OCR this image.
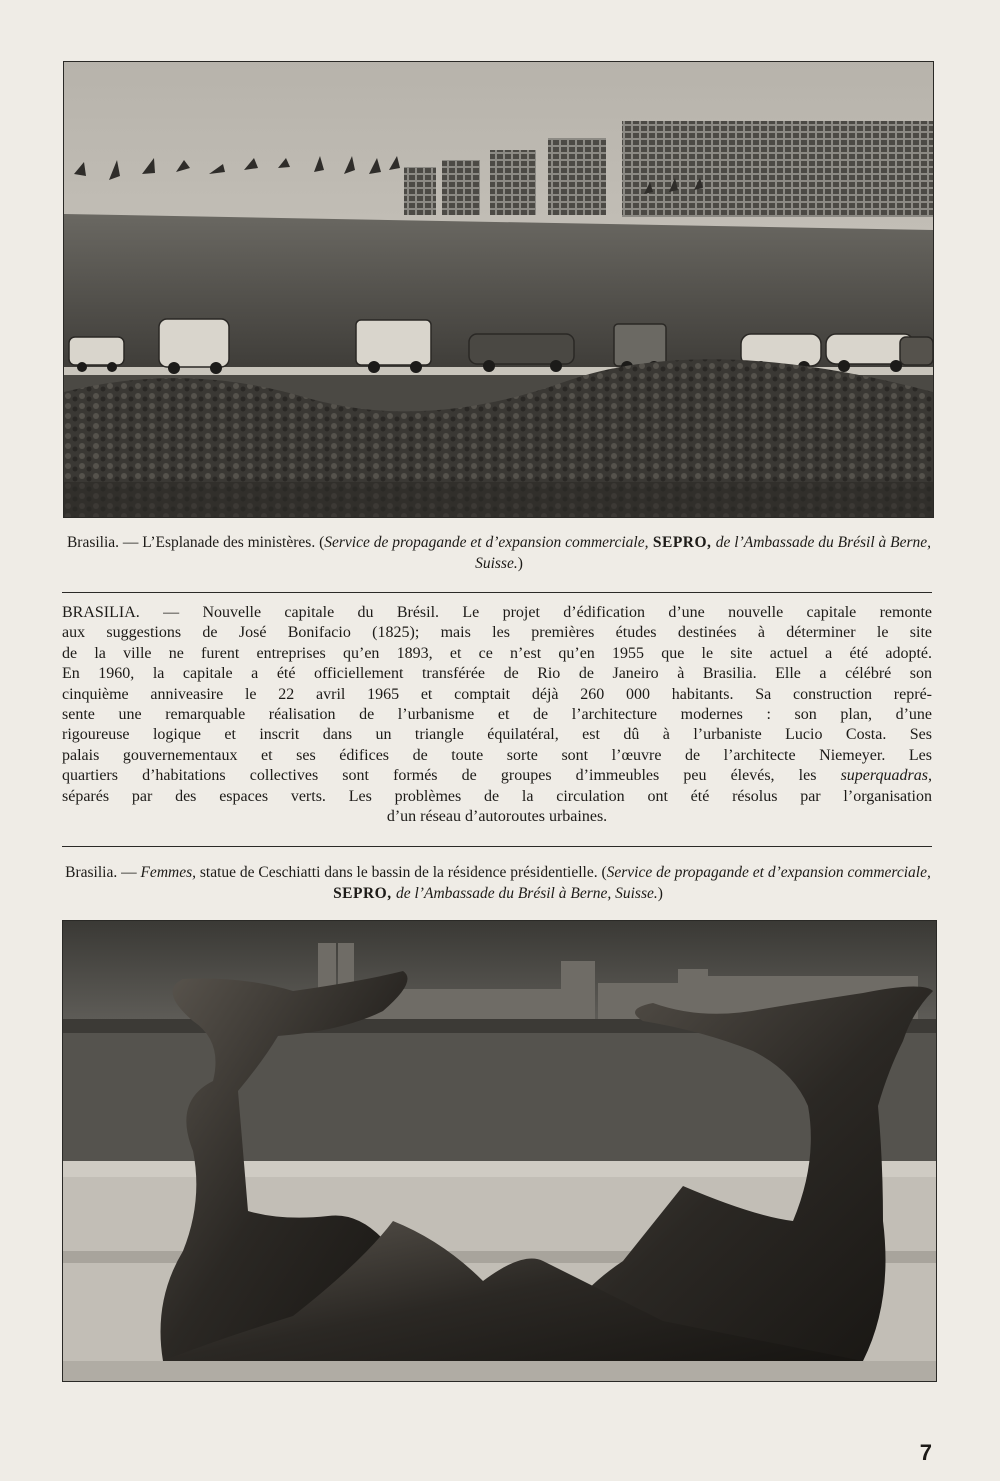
Brasilia. — L’Esplanade des ministères. (Service de propagande et d’expansion commerciale, SEPRO, de l’Ambassade du Brésil à Berne, Suisse.)
BRASILIA. — Nouvelle capitale du Brésil. Le projet d’édification d’une nouvelle capitale remonte
aux suggestions de José Bonifacio (1825); mais les premières études destinées à déterminer le site
de la ville ne furent entreprises qu’en 1893, et ce n’est qu’en 1955 que le site actuel a été adopté.
En 1960, la capitale a été officiellement transférée de Rio de Janeiro à Brasilia. Elle a célébré son
cinquième anniveasire le 22 avril 1965 et comptait déjà 260 000 habitants. Sa construction repré-
sente une remarquable réalisation de l’urbanisme et de l’architecture modernes : son plan, d’une
rigoureuse logique et inscrit dans un triangle équilatéral, est dû à l’urbaniste Lucio Costa. Ses
palais gouvernementaux et ses édifices de toute sorte sont l’œuvre de l’architecte Niemeyer. Les
quartiers d’habitations collectives sont formés de groupes d’immeubles peu élevés, les superquadras,
séparés par des espaces verts. Les problèmes de la circulation ont été résolus par l’organisation
d’un réseau d’autoroutes urbaines.
Brasilia. — Femmes, statue de Ceschiatti dans le bassin de la résidence présidentielle. (Service de propagande et d’expansion commerciale, SEPRO, de l’Ambassade du Brésil à Berne, Suisse.)
7
